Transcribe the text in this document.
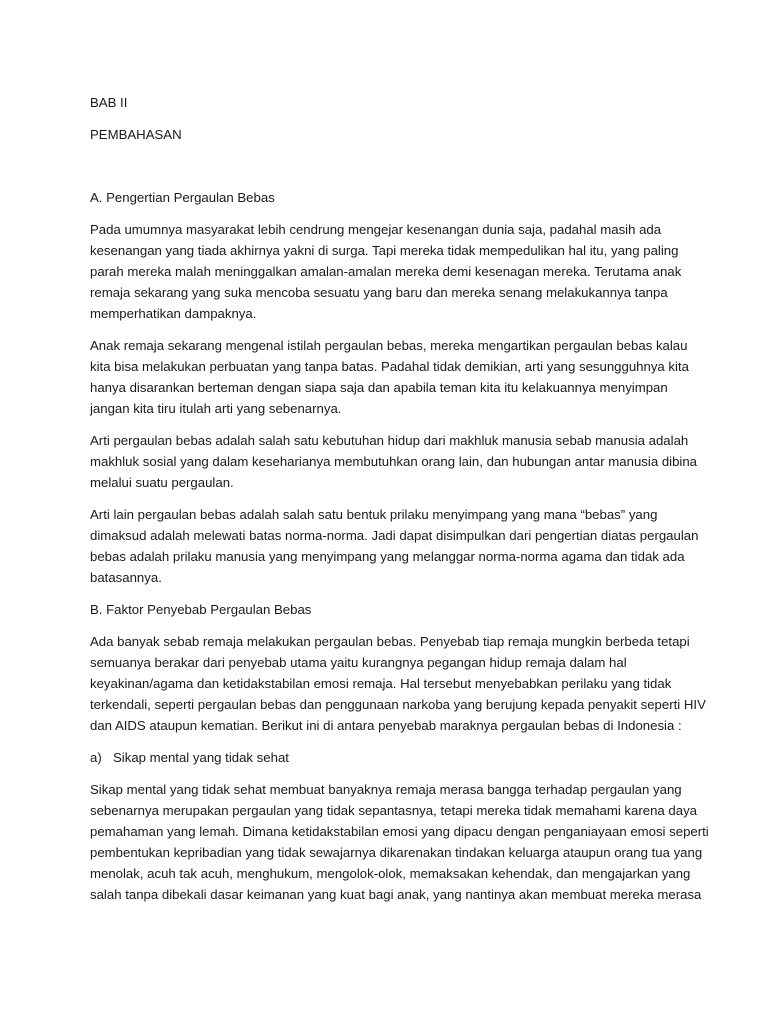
BAB II

PEMBAHASAN

A. Pengertian Pergaulan Bebas

Pada umumnya masyarakat lebih cendrung mengejar kesenangan dunia saja, padahal masih ada
kesenangan yang tiada akhirnya yakni di surga. Tapi mereka tidak mempedulikan hal itu, yang paling
parah mereka malah meninggalkan amalan-amalan mereka demi kesenagan mereka. Terutama anak
remaja sekarang yang suka mencoba sesuatu yang baru dan mereka senang melakukannya tanpa
memperhatikan dampaknya.

Anak remaja sekarang mengenal istilah pergaulan bebas, mereka mengartikan pergaulan bebas kalau
kita bisa melakukan perbuatan yang tanpa batas. Padahal tidak demikian, arti yang sesungguhnya kita
hanya disarankan berteman dengan siapa saja dan apabila teman kita itu kelakuannya menyimpan
jangan kita tiru itulah arti yang sebenarnya.

Arti pergaulan bebas adalah salah satu kebutuhan hidup dari makhluk manusia sebab manusia adalah
makhluk sosial yang dalam keseharianya membutuhkan orang lain, dan hubungan antar manusia dibina
melalui suatu pergaulan.

Arti lain pergaulan bebas adalah salah satu bentuk prilaku menyimpang yang mana “bebas” yang
dimaksud adalah melewati batas norma-norma. Jadi dapat disimpulkan dari pengertian diatas pergaulan
bebas adalah prilaku manusia yang menyimpang yang melanggar norma-norma agama dan tidak ada
batasannya.

B. Faktor Penyebab Pergaulan Bebas

Ada banyak sebab remaja melakukan pergaulan bebas. Penyebab tiap remaja mungkin berbeda tetapi
semuanya berakar dari penyebab utama yaitu kurangnya pegangan hidup remaja dalam hal
keyakinan/agama dan ketidakstabilan emosi remaja. Hal tersebut menyebabkan perilaku yang tidak
terkendali, seperti pergaulan bebas dan penggunaan narkoba yang berujung kepada penyakit seperti HIV
dan AIDS ataupun kematian. Berikut ini di antara penyebab maraknya pergaulan bebas di Indonesia :

a) Sikap mental yang tidak sehat

Sikap mental yang tidak sehat membuat banyaknya remaja merasa bangga terhadap pergaulan yang
sebenarnya merupakan pergaulan yang tidak sepantasnya, tetapi mereka tidak memahami karena daya
pemahaman yang lemah. Dimana ketidakstabilan emosi yang dipacu dengan penganiayaan emosi seperti
pembentukan kepribadian yang tidak sewajarnya dikarenakan tindakan keluarga ataupun orang tua yang
menolak, acuh tak acuh, menghukum, mengolok-olok, memaksakan kehendak, dan mengajarkan yang
salah tanpa dibekali dasar keimanan yang kuat bagi anak, yang nantinya akan membuat mereka merasa
